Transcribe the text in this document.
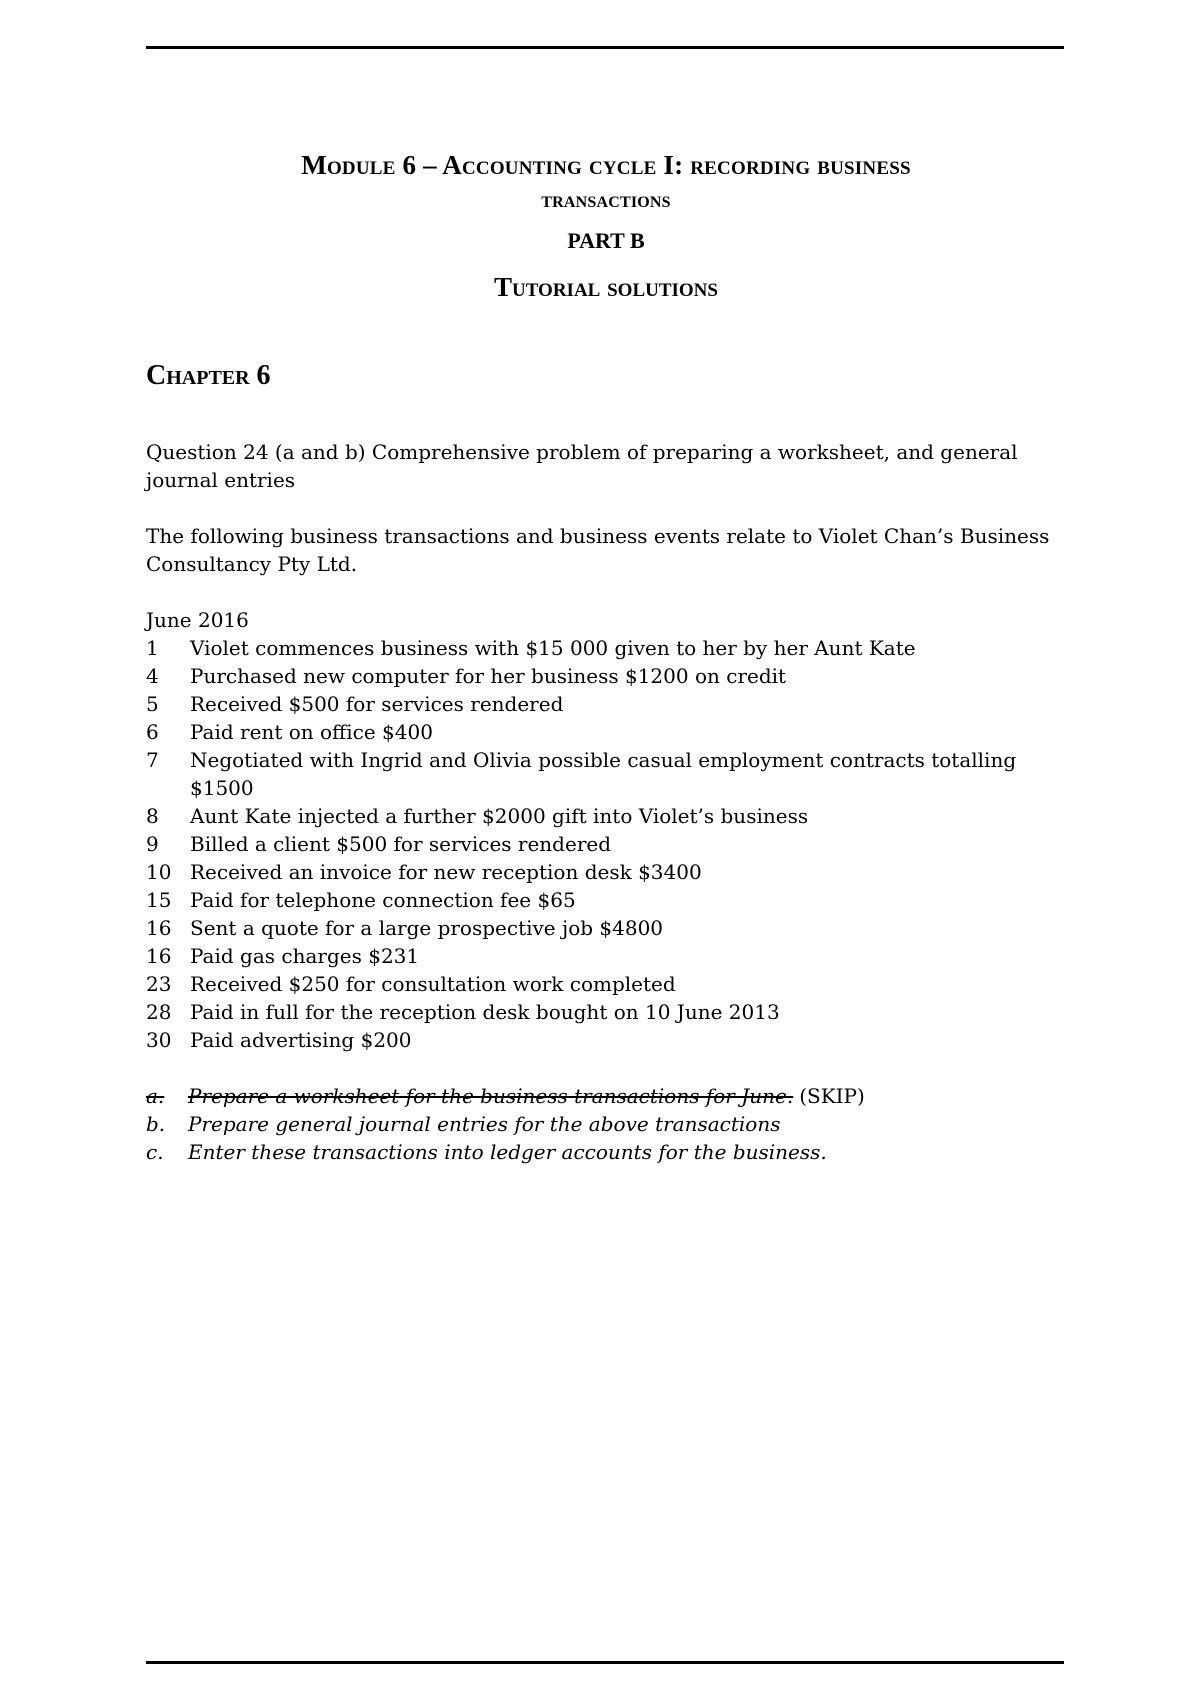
Module 6 – Accounting cycle I: recording business
transactions
PART B
Tutorial solutions
Chapter 6
Question 24 (a and b) Comprehensive problem of preparing a worksheet, and general journal entries
The following business transactions and business events relate to Violet Chan’s Business Consultancy Pty Ltd.
June 2016
1	Violet commences business with $15 000 given to her by her Aunt Kate
4	Purchased new computer for her business $1200 on credit
5	Received $500 for services rendered
6	Paid rent on office $400
7	Negotiated with Ingrid and Olivia possible casual employment contracts totalling $1500
8	Aunt Kate injected a further $2000 gift into Violet’s business
9	Billed a client $500 for services rendered
10 Received an invoice for new reception desk $3400
15 Paid for telephone connection fee $65
16 Sent a quote for a large prospective job $4800
16 Paid gas charges $231
23 Received $250 for consultation work completed
28 Paid in full for the reception desk bought on 10 June 2013
30 Paid advertising $200
a.	Prepare a worksheet for the business transactions for June. (SKIP)
b.	Prepare general journal entries for the above transactions
c.	Enter these transactions into ledger accounts for the business.
